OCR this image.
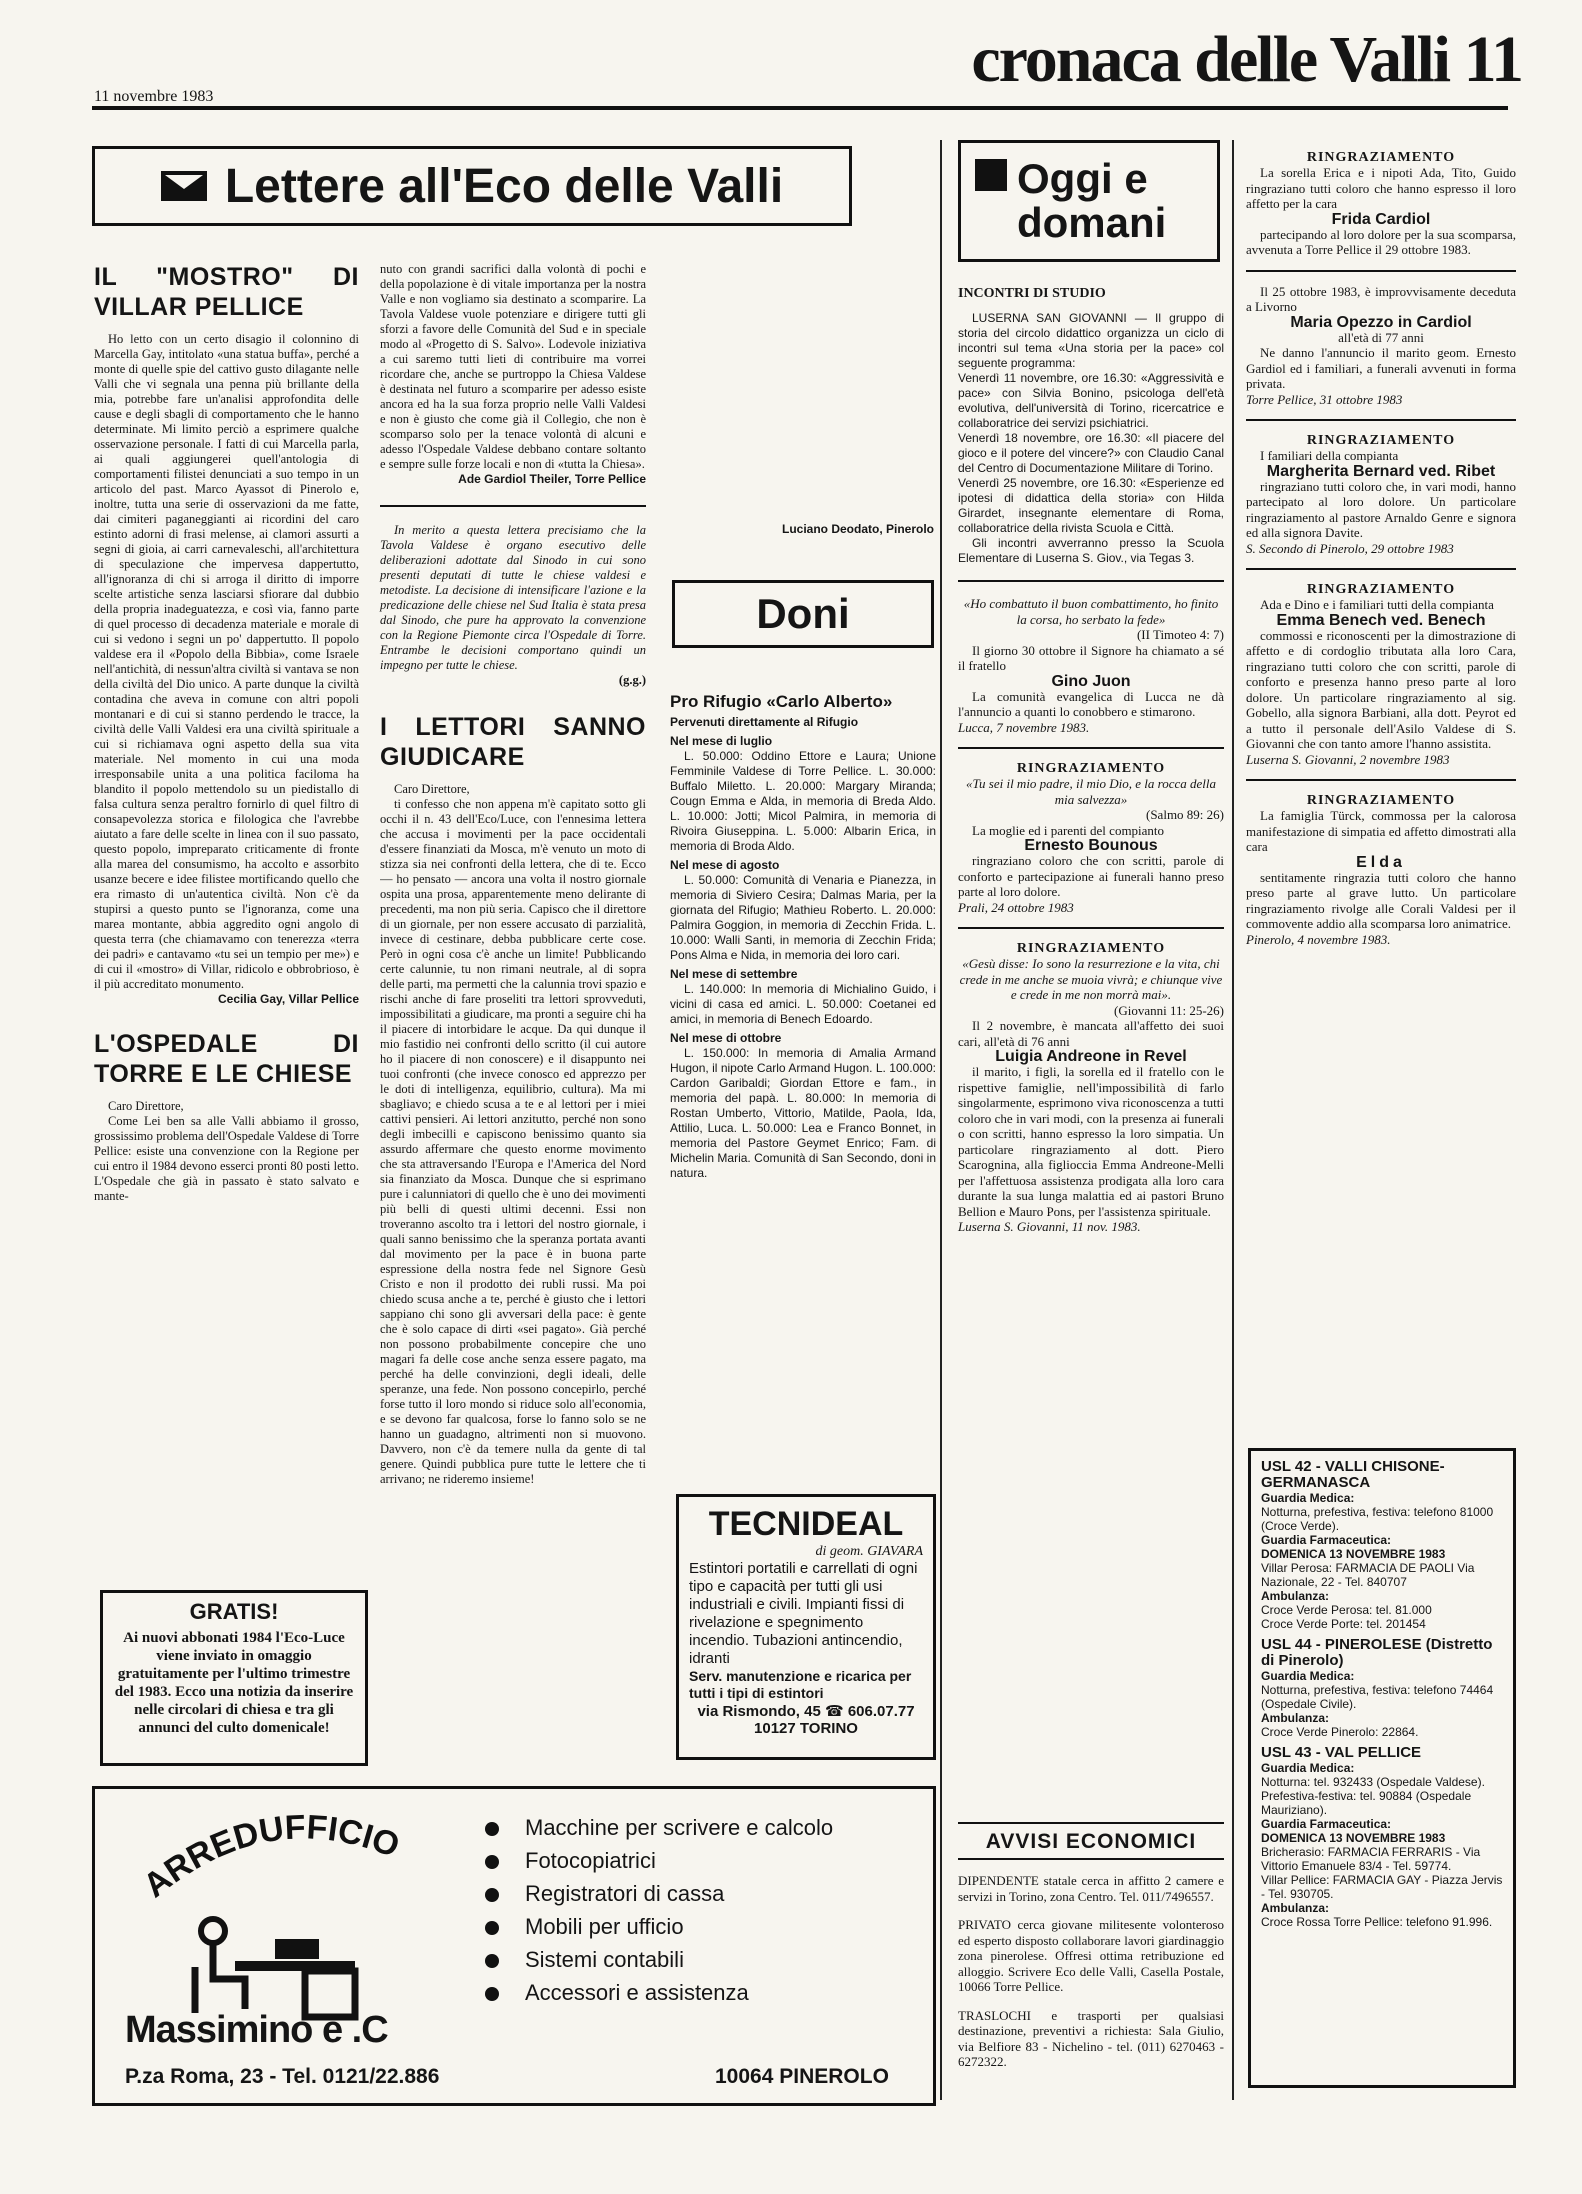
cronaca delle Valli 11
11 novembre 1983
Lettere all'Eco delle Valli
IL "MOSTRO" DI VILLAR PELLICE

Ho letto con un certo disagio il colonnino di Marcella Gay, intitolato «una statua buffa», perché a monte di quelle spie del cattivo gusto dilagante nelle Valli che vi segnala una penna più brillante della mia, potrebbe fare un'analisi approfondita delle cause e degli sbagli di comportamento che le hanno determinate. Mi limito perciò a esprimere qualche osservazione personale. I fatti di cui Marcella parla, ai quali aggiungerei quell'antologia di comportamenti filistei denunciati a suo tempo in un articolo del past. Marco Ayassot di Pinerolo e, inoltre, tutta una serie di osservazioni da me fatte, dai cimiteri paganeggianti ai ricordini del caro estinto adorni di frasi melense, ai clamori assurti a segni di gioia, ai carri carnevaleschi, all'architettura di speculazione che impervesa dappertutto, all'ignoranza di chi si arroga il diritto di imporre scelte artistiche senza lasciarsi sfiorare dal dubbio della propria inadeguatezza, e così via, fanno parte di quel processo di decadenza materiale e morale di cui si vedono i segni un po' dappertutto. Il popolo valdese era il «Popolo della Bibbia», come Israele nell'antichità, di nessun'altra civiltà si vantava se non della civiltà del Dio unico. A parte dunque la civiltà contadina che aveva in comune con altri popoli montanari e di cui si stanno perdendo le tracce, la civiltà delle Valli Valdesi era una civiltà spirituale a cui si richiamava ogni aspetto della sua vita materiale. Nel momento in cui una moda irresponsabile unita a una politica faciloma ha blandito il popolo mettendolo su un piedistallo di falsa cultura senza peraltro fornirlo di quel filtro di consapevolezza storica e filologica che l'avrebbe aiutato a fare delle scelte in linea con il suo passato, questo popolo, impreparato criticamente di fronte alla marea del consumismo, ha accolto e assorbito usanze becere e idee filistee mortificando quello che era rimasto di un'autentica civiltà. Non c'è da stupirsi a questo punto se l'ignoranza, come una marea montante, abbia aggredito ogni angolo di questa terra (che chiamavamo con tenerezza «terra dei padri» e cantavamo «tu sei un tempio per me») e di cui il «mostro» di Villar, ridicolo e obbrobrioso, è il più accreditato monumento.

Cecilia Gay, Villar Pellice
L'OSPEDALE DI TORRE E LE CHIESE

Caro Direttore,

Come Lei ben sa alle Valli abbiamo il grosso, grossissimo problema dell'Ospedale Valdese di Torre Pellice: esiste una convenzione con la Regione per cui entro il 1984 devono esserci pronti 80 posti letto. L'Ospedale che già in passato è stato salvato e mante-

GRATIS!
Ai nuovi abbonati 1984 l'Eco-Luce viene inviato in omaggio gratuitamente per l'ultimo trimestre del 1983. Ecco una notizia da inserire nelle circolari di chiesa e tra gli annunci del culto domenicale!

nuto con grandi sacrifici dalla volontà di pochi e della popolazione è di vitale importanza per la nostra Valle e non vogliamo sia destinato a scomparire. La Tavola Valdese vuole potenziare e dirigere tutti gli sforzi a favore delle Comunità del Sud e in speciale modo al «Progetto di S. Salvo». Lodevole iniziativa a cui saremo tutti lieti di contribuire ma vorrei ricordare che, anche se purtroppo la Chiesa Valdese è destinata nel futuro a scomparire per adesso esiste ancora ed ha la sua forza proprio nelle Valli Valdesi e non è giusto che come già il Collegio, che non è scomparso solo per la tenace volontà di alcuni e adesso l'Ospedale Valdese debbano contare soltanto e sempre sulle forze locali e non di «tutta la Chiesa».

Ade Gardiol Theiler, Torre Pellice

In merito a questa lettera precisiamo che la Tavola Valdese è organo esecutivo delle deliberazioni adottate dal Sinodo in cui sono presenti deputati di tutte le chiese valdesi e metodiste. La decisione di intensificare l'azione e la predicazione delle chiese nel Sud Italia è stata presa dal Sinodo, che pure ha approvato la convenzione con la Regione Piemonte circa l'Ospedale di Torre. Entrambe le decisioni comportano quindi un impegno per tutte le chiese.

(g.g.)
I LETTORI SANNO GIUDICARE

Caro Direttore,

ti confesso che non appena m'è capitato sotto gli occhi il n. 43 dell'Eco/Luce, con l'ennesima lettera che accusa i movimenti per la pace occidentali d'essere finanziati da Mosca, m'è venuto un moto di stizza sia nei confronti della lettera, che di te. Ecco — ho pensato — ancora una volta il nostro giornale ospita una prosa, apparentemente meno delirante di precedenti, ma non più seria. Capisco che il direttore di un giornale, per non essere accusato di parzialità, invece di cestinare, debba pubblicare certe cose. Però in ogni cosa c'è anche un limite! Pubblicando certe calunnie, tu non rimani neutrale, al di sopra delle parti, ma permetti che la calunnia trovi spazio e rischi anche di fare proseliti tra lettori sprovveduti, impossibilitati a giudicare, ma pronti a seguire chi ha il piacere di intorbidare le acque. Da qui dunque il mio fastidio nei confronti dello scritto (il cui autore ho il piacere di non conoscere) e il disappunto nei tuoi confronti (che invece conosco ed apprezzo per le doti di intelligenza, equilibrio, cultura). Ma mi sbagliavo; e chiedo scusa a te e al lettori per i miei cattivi pensieri. Ai lettori anzitutto, perché non sono degli imbecilli e capiscono benissimo quanto sia assurdo affermare che questo enorme movimento che sta attraversando l'Europa e l'America del Nord sia finanziato da Mosca. Dunque che si esprimano pure i calunniatori di quello che è uno dei movimenti più belli di questi ultimi decenni. Essi non troveranno ascolto tra i lettori del nostro giornale, i quali sanno benissimo che la speranza portata avanti dal movimento per la pace è in buona parte espressione della nostra fede nel Signore Gesù Cristo e non il prodotto dei rubli russi. Ma poi chiedo scusa anche a te, perché è giusto che i lettori sappiano chi sono gli avversari della pace: è gente che è solo capace di dirti «sei pagato». Già perché non possono probabilmente concepire che uno magari fa delle cose anche senza essere pagato, ma perché ha delle convinzioni, degli ideali, delle speranze, una fede. Non possono concepirlo, perché forse tutto il loro mondo si riduce solo all'economia, e se devono far qualcosa, forse lo fanno solo se ne hanno un guadagno, altrimenti non si muovono. Davvero, non c'è da temere nulla da gente di tal genere. Quindi pubblica pure tutte le lettere che ti arrivano; ne rideremo insieme!

Luciano Deodato, Pinerolo
Doni
Pro Rifugio «Carlo Alberto»
Pervenuti direttamente al Rifugio
Nel mese di luglio

L. 50.000: Oddino Ettore e Laura; Unione Femminile Valdese di Torre Pellice. L. 30.000: Buffalo Miletto. L. 20.000: Margary Miranda; Cougn Emma e Alda, in memoria di Breda Aldo. L. 10.000: Jotti; Micol Palmira, in memoria di Rivoira Giuseppina. L. 5.000: Albarin Erica, in memoria di Broda Aldo.

Nel mese di agosto

L. 50.000: Comunità di Venaria e Pianezza, in memoria di Siviero Cesira; Dalmas Maria, per la giornata del Rifugio; Mathieu Roberto. L. 20.000: Palmira Goggion, in memoria di Zecchin Frida. L. 10.000: Walli Santi, in memoria di Zecchin Frida; Pons Alma e Nida, in memoria dei loro cari.

Nel mese di settembre

L. 140.000: In memoria di Michialino Guido, i vicini di casa ed amici. L. 50.000: Coetanei ed amici, in memoria di Benech Edoardo.

Nel mese di ottobre

L. 150.000: In memoria di Amalia Armand Hugon, il nipote Carlo Armand Hugon. L. 100.000: Cardon Garibaldi; Giordan Ettore e fam., in memoria del papà. L. 80.000: In memoria di Rostan Umberto, Vittorio, Matilde, Paola, Ida, Attilio, Luca. L. 50.000: Lea e Franco Bonnet, in memoria del Pastore Geymet Enrico; Fam. di Michelin Maria. Comunità di San Secondo, doni in natura.

TECNIDEAL
di geom. GIAVARA
Estintori portatili e carrellati di ogni tipo e capacità per tutti gli usi industriali e civili. Impianti fissi di rivelazione e spegnimento incendio. Tubazioni antincendio, idranti
Serv. manutenzione e ricarica per tutti i tipi di estintori
via Rismondo, 45 ☎ 606.07.77
10127 TORINO
Oggi e domani
INCONTRI DI STUDIO

LUSERNA SAN GIOVANNI — Il gruppo di storia del circolo didattico organizza un ciclo di incontri sul tema «Una storia per la pace» col seguente programma:

Venerdì 11 novembre, ore 16.30: «Aggressività e pace» con Silvia Bonino, psicologa dell'età evolutiva, dell'università di Torino, ricercatrice e collaboratrice dei servizi psichiatrici.

Venerdì 18 novembre, ore 16.30: «Il piacere del gioco e il potere del vincere?» con Claudio Canal del Centro di Documentazione Militare di Torino.

Venerdì 25 novembre, ore 16.30: «Esperienze ed ipotesi di didattica della storia» con Hilda Girardet, insegnante elementare di Roma, collaboratrice della rivista Scuola e Città.

Gli incontri avverranno presso la Scuola Elementare di Luserna S. Giov., via Tegas 3.

«Ho combattuto il buon combattimento, ho finito la corsa, ho serbato la fede»
(II Timoteo 4: 7)

Il giorno 30 ottobre il Signore ha chiamato a sé il fratello

Gino Juon

La comunità evangelica di Lucca ne dà l'annuncio a quanti lo conobbero e stimarono.

Lucca, 7 novembre 1983.
RINGRAZIAMENTO
«Tu sei il mio padre, il mio Dio, e la rocca della mia salvezza»
(Salmo 89: 26)

La moglie ed i parenti del compianto

Ernesto Bounous

ringraziano coloro che con scritti, parole di conforto e partecipazione ai funerali hanno preso parte al loro dolore.

Prali, 24 ottobre 1983
RINGRAZIAMENTO
«Gesù disse: Io sono la resurrezione e la vita, chi crede in me anche se muoia vivrà; e chiunque vive e crede in me non morrà mai».
(Giovanni 11: 25-26)

Il 2 novembre, è mancata all'affetto dei suoi cari, all'età di 76 anni

Luigia Andreone in Revel

il marito, i figli, la sorella ed il fratello con le rispettive famiglie, nell'impossibilità di farlo singolarmente, esprimono viva riconoscenza a tutti coloro che in vari modi, con la presenza ai funerali o con scritti, hanno espresso la loro simpatia. Un particolare ringraziamento al dott. Piero Scarognina, alla figlioccia Emma Andreone-Melli per l'affettuosa assistenza prodigata alla loro cara durante la sua lunga malattia ed ai pastori Bruno Bellion e Mauro Pons, per l'assistenza spirituale.

Luserna S. Giovanni, 11 nov. 1983.
AVVISI ECONOMICI

DIPENDENTE statale cerca in affitto 2 camere e servizi in Torino, zona Centro. Tel. 011/7496557.

PRIVATO cerca giovane militesente volonteroso ed esperto disposto collaborare lavori giardinaggio zona pinerolese. Offresi ottima retribuzione ed alloggio. Scrivere Eco delle Valli, Casella Postale, 10066 Torre Pellice.

TRASLOCHI e trasporti per qualsiasi destinazione, preventivi a richiesta: Sala Giulio, via Belfiore 83 - Nichelino - tel. (011) 6270463 - 6272322.

RINGRAZIAMENTO

La sorella Erica e i nipoti Ada, Tito, Guido ringraziano tutti coloro che hanno espresso il loro affetto per la cara

Frida Cardiol

partecipando al loro dolore per la sua scomparsa, avvenuta a Torre Pellice il 29 ottobre 1983.

Il 25 ottobre 1983, è improvvisamente deceduta a Livorno

Maria Opezzo in Cardiol
all'età di 77 anni

Ne danno l'annuncio il marito geom. Ernesto Gardiol ed i familiari, a funerali avvenuti in forma privata.

Torre Pellice, 31 ottobre 1983
RINGRAZIAMENTO

I familiari della compianta

Margherita Bernard ved. Ribet

ringraziano tutti coloro che, in vari modi, hanno partecipato al loro dolore. Un particolare ringraziamento al pastore Arnaldo Genre e signora ed alla signora Davite.

S. Secondo di Pinerolo, 29 ottobre 1983
RINGRAZIAMENTO

Ada e Dino e i familiari tutti della compianta

Emma Benech ved. Benech

commossi e riconoscenti per la dimostrazione di affetto e di cordoglio tributata alla loro Cara, ringraziano tutti coloro che con scritti, parole di conforto e presenza hanno preso parte al loro dolore. Un particolare ringraziamento al sig. Gobello, alla signora Barbiani, alla dott. Peyrot ed a tutto il personale dell'Asilo Valdese di S. Giovanni che con tanto amore l'hanno assistita.

Luserna S. Giovanni, 2 novembre 1983
RINGRAZIAMENTO

La famiglia Türck, commossa per la calorosa manifestazione di simpatia ed affetto dimostrati alla cara

Elda

sentitamente ringrazia tutti coloro che hanno preso parte al grave lutto. Un particolare ringraziamento rivolge alle Corali Valdesi per il commovente addio alla scomparsa loro animatrice.

Pinerolo, 4 novembre 1983.
USL 42 - VALLI CHISONE-GERMANASCA
Guardia Medica:
Notturna, prefestiva, festiva: telefono 81000 (Croce Verde).
Guardia Farmaceutica:
DOMENICA 13 NOVEMBRE 1983
Villar Perosa: FARMACIA DE PAOLI Via Nazionale, 22 - Tel. 840707
Ambulanza:
Croce Verde Perosa: tel. 81.000
Croce Verde Porte: tel. 201454
USL 44 - PINEROLESE (Distretto di Pinerolo)
Guardia Medica:
Notturna, prefestiva, festiva: telefono 74464 (Ospedale Civile).
Ambulanza:
Croce Verde Pinerolo: 22864.
USL 43 - VAL PELLICE
Guardia Medica:
Notturna: tel. 932433 (Ospedale Valdese).
Prefestiva-festiva: tel. 90884 (Ospedale Mauriziano).
Guardia Farmaceutica:
DOMENICA 13 NOVEMBRE 1983
Bricherasio: FARMACIA FERRARIS - Via Vittorio Emanuele 83/4 - Tel. 59774.
Villar Pellice: FARMACIA GAY - Piazza Jervis - Tel. 930705.
Ambulanza:
Croce Rossa Torre Pellice: telefono 91.996.
ARREDUFFICIO
Massimino e .C
P.za Roma, 23 - Tel. 0121/22.886	10064 PINEROLO
Macchine per scrivere e calcolo
Fotocopiatrici
Registratori di cassa
Mobili per ufficio
Sistemi contabili
Accessori e assistenza
